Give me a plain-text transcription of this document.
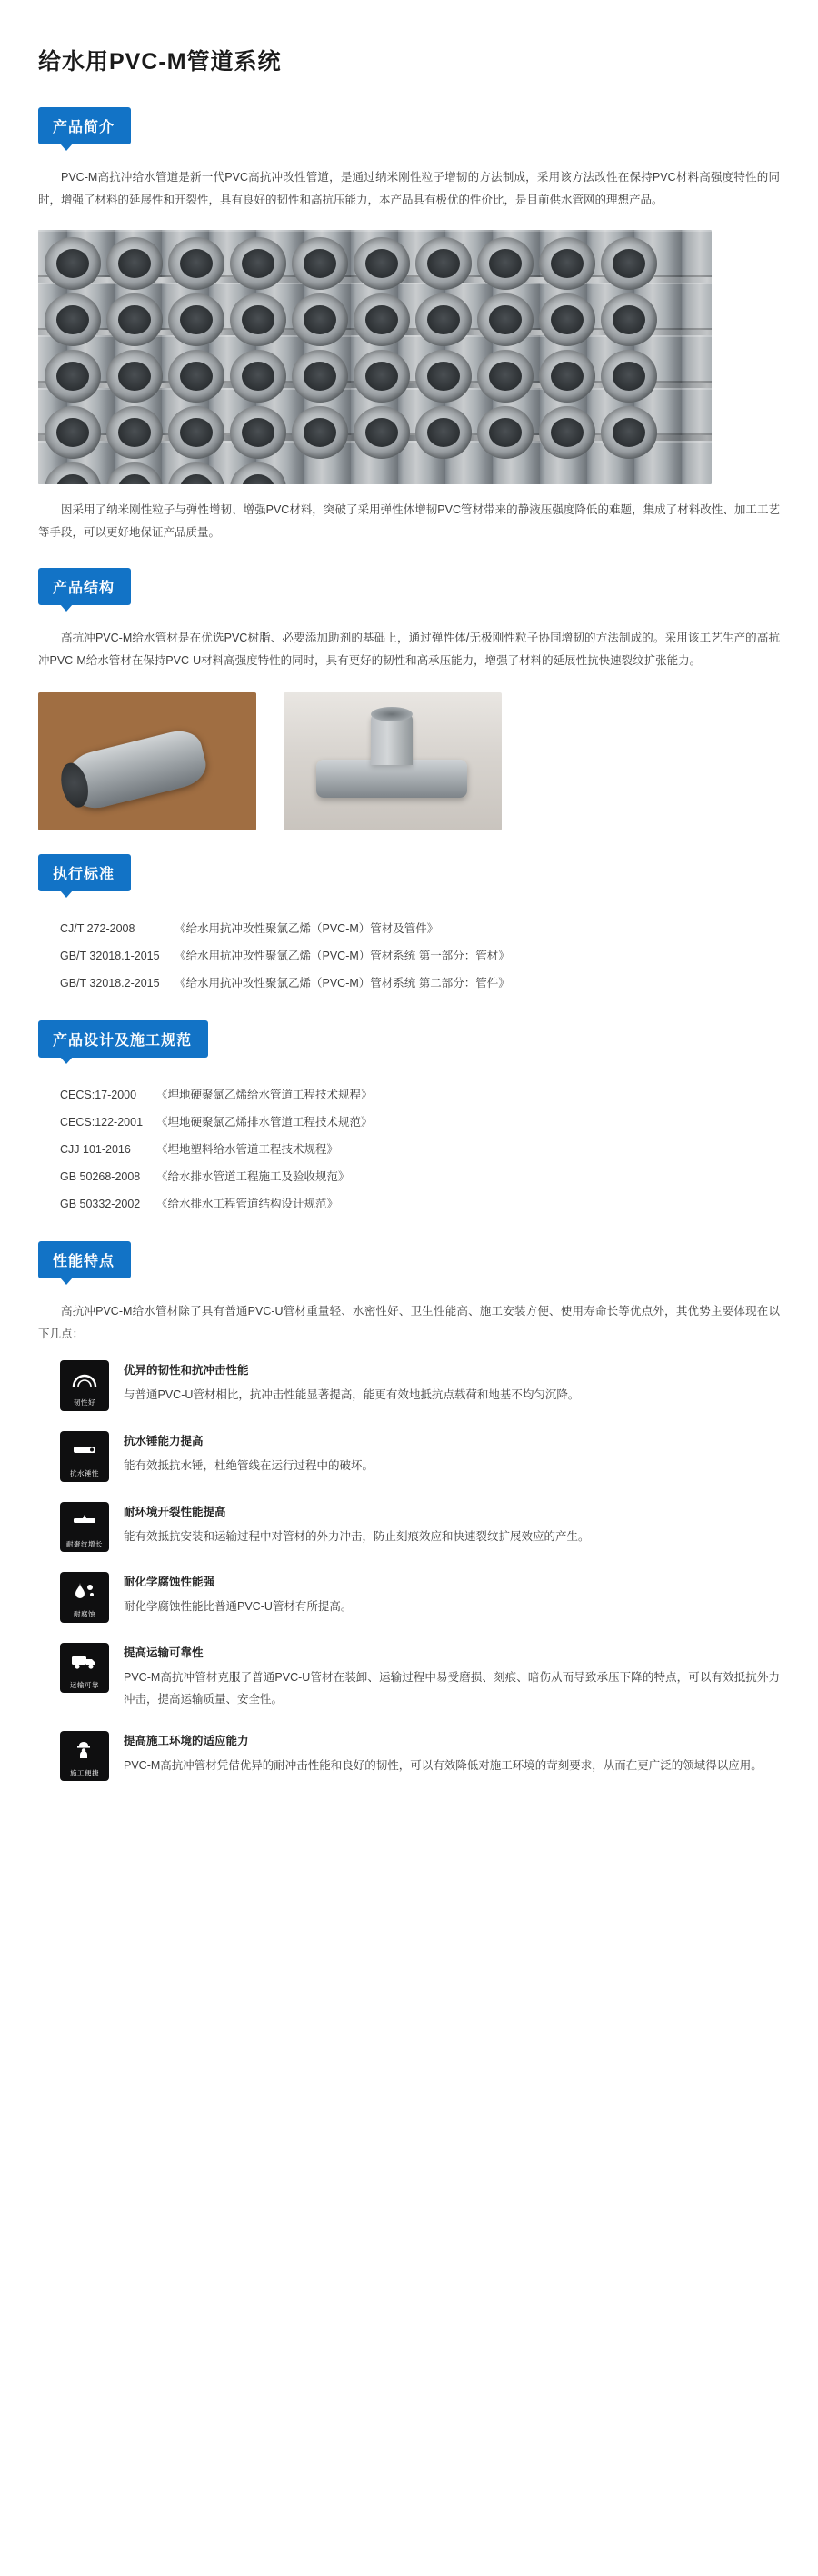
给水用PVC-M管道系统
产品简介

PVC-M高抗冲给水管道是新一代PVC高抗冲改性管道，是通过纳米刚性粒子增韧的方法制成，采用该方法改性在保持PVC材料高强度特性的同时，增强了材料的延展性和开裂性，具有良好的韧性和高抗压能力，本产品具有极优的性价比，是目前供水管网的理想产品。

因采用了纳米刚性粒子与弹性增韧、增强PVC材料，突破了采用弹性体增韧PVC管材带来的静液压强度降低的难题，集成了材料改性、加工工艺等手段，可以更好地保证产品质量。

产品结构

高抗冲PVC-M给水管材是在优选PVC树脂、必要添加助剂的基础上，通过弹性体/无极刚性粒子协同增韧的方法制成的。采用该工艺生产的高抗冲PVC-M给水管材在保持PVC-U材料高强度特性的同时，具有更好的韧性和高承压能力，增强了材料的延展性抗快速裂纹扩张能力。

执行标准
CJ/T 272-2008	《给水用抗冲改性聚氯乙烯（PVC-M）管材及管件》
GB/T 32018.1-2015	《给水用抗冲改性聚氯乙烯（PVC-M）管材系统 第一部分：管材》
GB/T 32018.2-2015	《给水用抗冲改性聚氯乙烯（PVC-M）管材系统 第二部分：管件》
产品设计及施工规范
CECS:17-2000	《埋地硬聚氯乙烯给水管道工程技术规程》
CECS:122-2001	《埋地硬聚氯乙烯排水管道工程技术规范》
CJJ 101-2016	《埋地塑料给水管道工程技术规程》
GB 50268-2008	《给水排水管道工程施工及验收规范》
GB 50332-2002	《给水排水工程管道结构设计规范》
性能特点

高抗冲PVC-M给水管材除了具有普通PVC-U管材重量轻、水密性好、卫生性能高、施工安装方便、使用寿命长等优点外，其优势主要体现在以下几点：

韧性好
优异的韧性和抗冲击性能
与普通PVC-U管材相比，抗冲击性能显著提高，能更有效地抵抗点载荷和地基不均匀沉降。
抗水锤性
抗水锤能力提高
能有效抵抗水锤，杜绝管线在运行过程中的破坏。
耐聚纹增长
耐环境开裂性能提高
能有效抵抗安装和运输过程中对管材的外力冲击，防止刻痕效应和快速裂纹扩展效应的产生。
耐腐蚀
耐化学腐蚀性能强
耐化学腐蚀性能比普通PVC-U管材有所提高。
运输可靠
提高运输可靠性
PVC-M高抗冲管材克服了普通PVC-U管材在装卸、运输过程中易受磨损、刻痕、暗伤从而导致承压下降的特点，可以有效抵抗外力冲击，提高运输质量、安全性。
施工便捷
提高施工环境的适应能力
PVC-M高抗冲管材凭借优异的耐冲击性能和良好的韧性，可以有效降低对施工环境的苛刻要求，从而在更广泛的领域得以应用。
